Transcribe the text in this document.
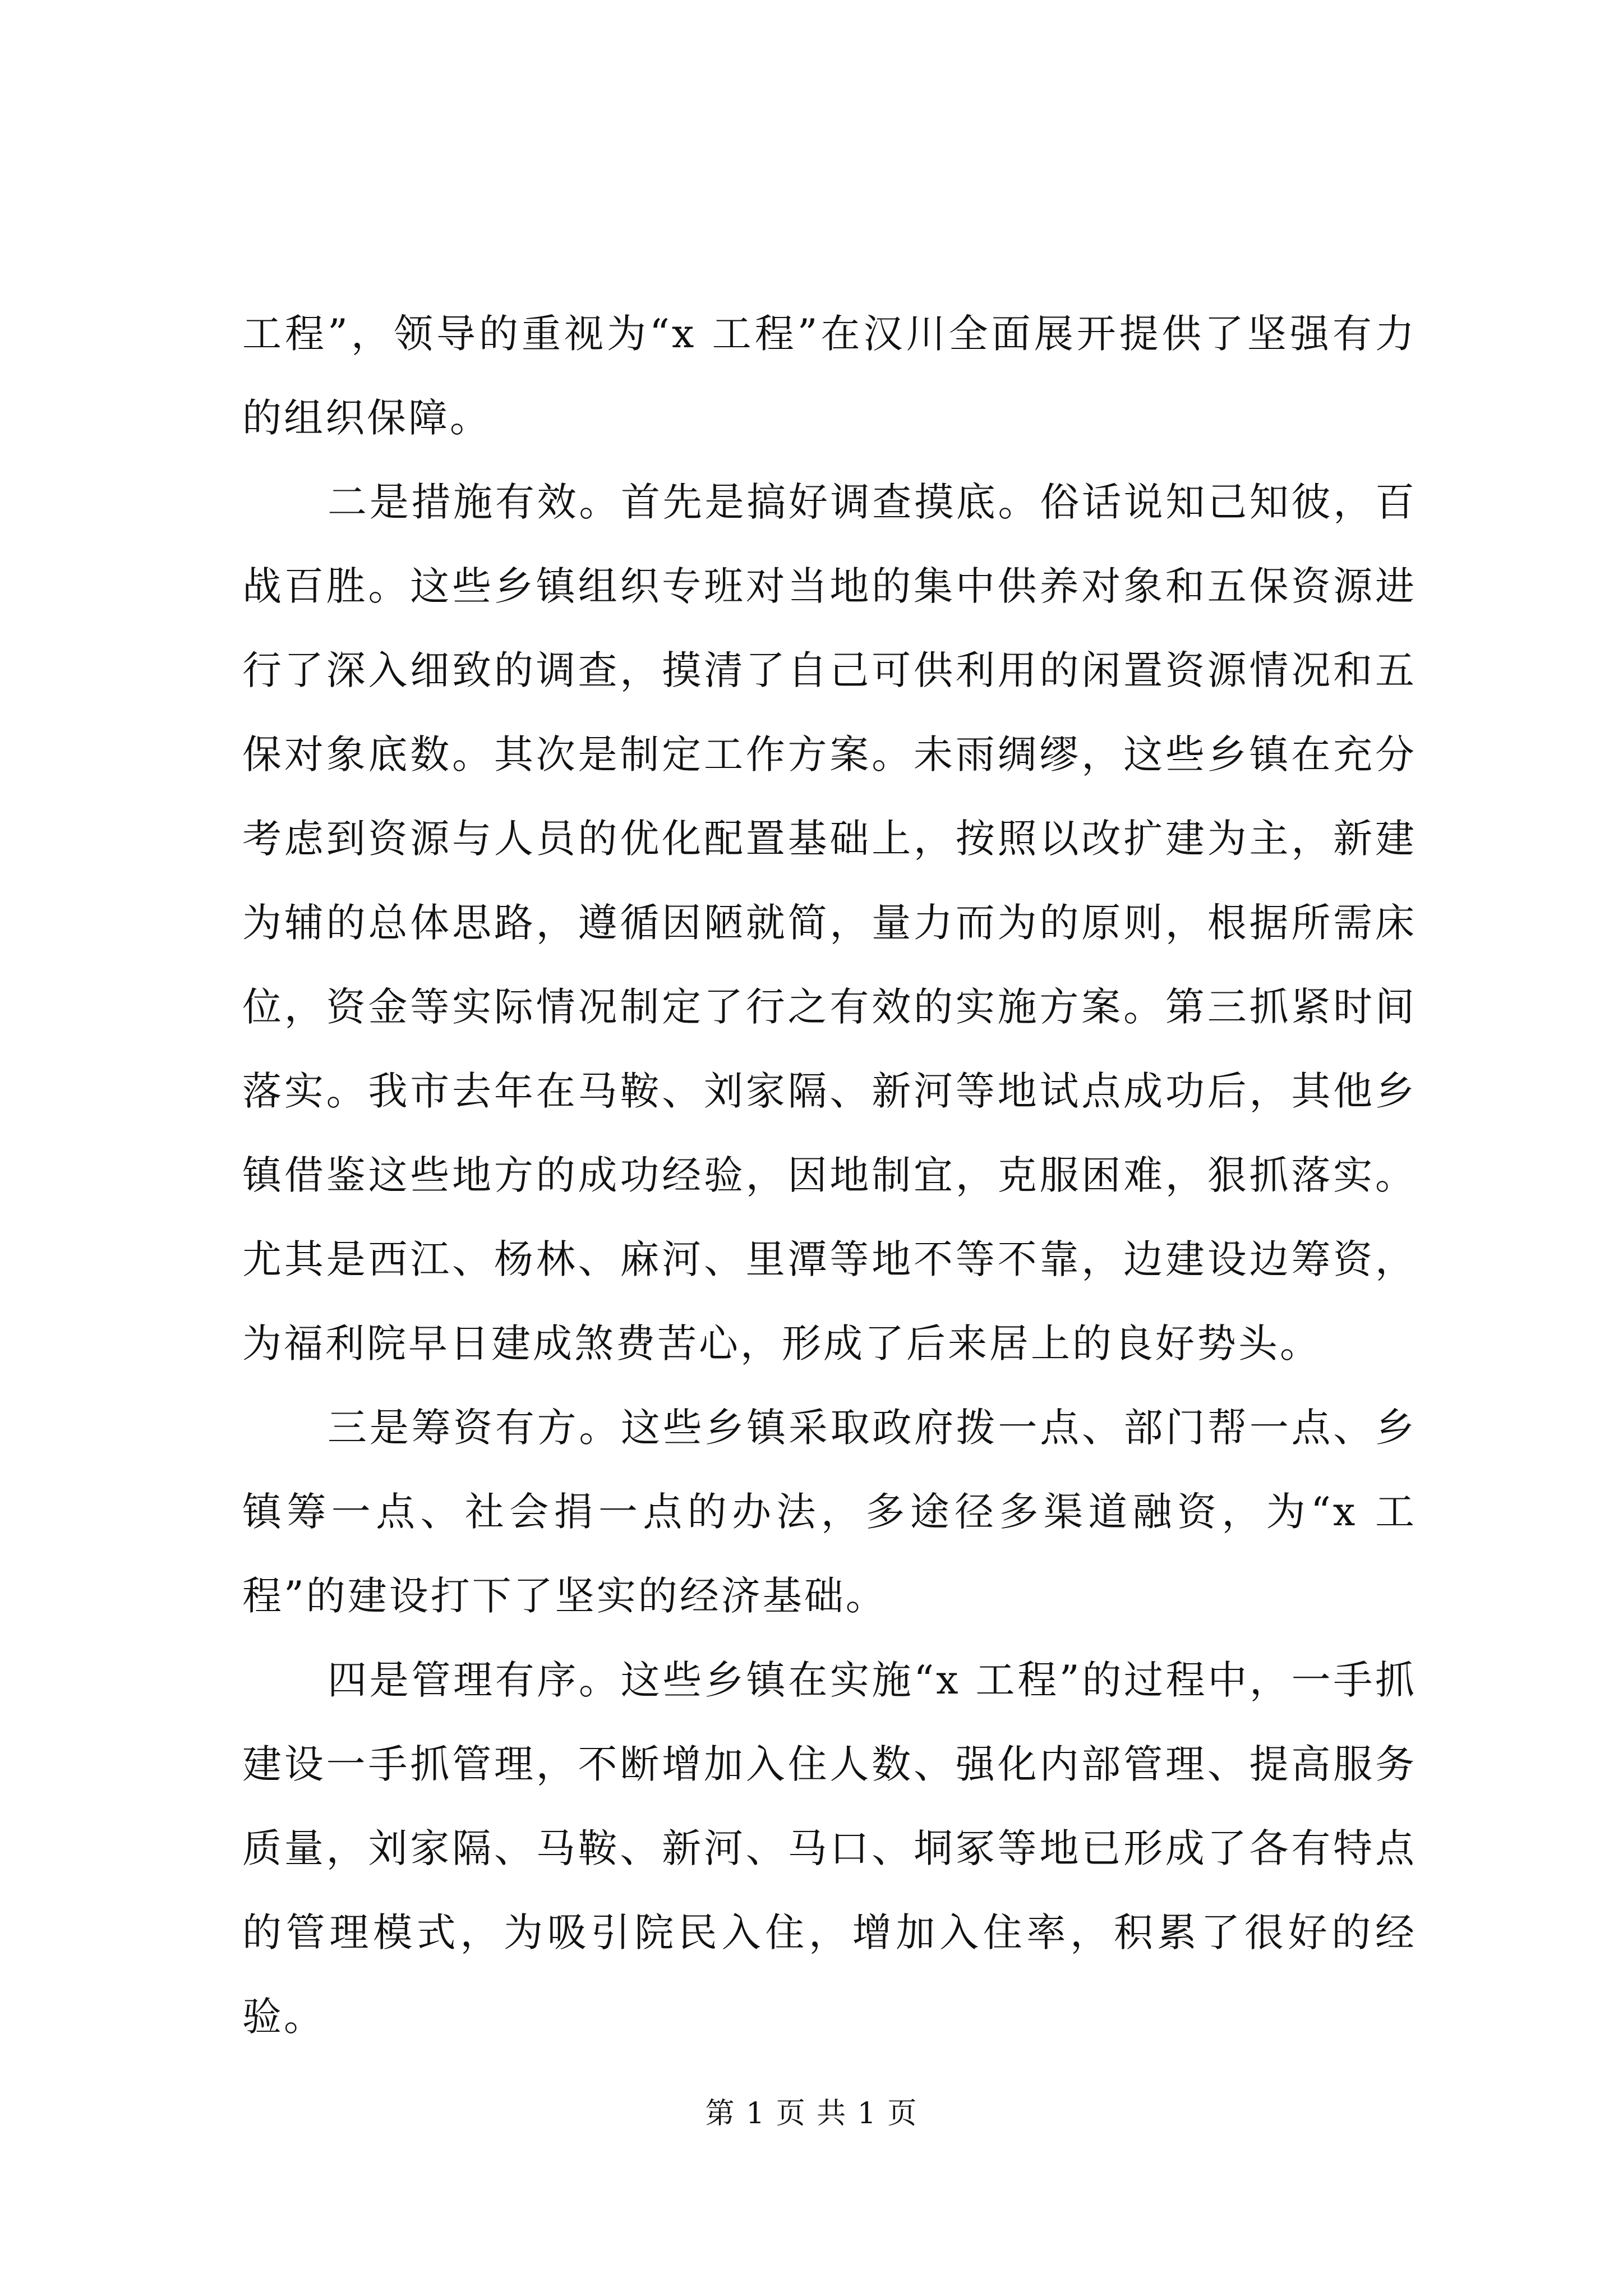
工程”，领导的重视为“x 工程”在汉川全面展开提供了坚强有力的组织保障。

二是措施有效。首先是搞好调查摸底。俗话说知己知彼，百战百胜。这些乡镇组织专班对当地的集中供养对象和五保资源进行了深入细致的调查，摸清了自己可供利用的闲置资源情况和五保对象底数。其次是制定工作方案。未雨绸缪，这些乡镇在充分考虑到资源与人员的优化配置基础上，按照以改扩建为主，新建为辅的总体思路，遵循因陋就简，量力而为的原则，根据所需床位，资金等实际情况制定了行之有效的实施方案。第三抓紧时间落实。我市去年在马鞍、刘家隔、新河等地试点成功后，其他乡镇借鉴这些地方的成功经验，因地制宜，克服困难，狠抓落实。尤其是西江、杨林、麻河、里潭等地不等不靠，边建设边筹资，为福利院早日建成煞费苦心，形成了后来居上的良好势头。

三是筹资有方。这些乡镇采取政府拨一点、部门帮一点、乡镇筹一点、社会捐一点的办法，多途径多渠道融资，为“x 工程”的建设打下了坚实的经济基础。

四是管理有序。这些乡镇在实施“x 工程”的过程中，一手抓建设一手抓管理，不断增加入住人数、强化内部管理、提高服务质量，刘家隔、马鞍、新河、马口、垌冢等地已形成了各有特点的管理模式，为吸引院民入住，增加入住率，积累了很好的经验。

第 1 页 共 1 页
